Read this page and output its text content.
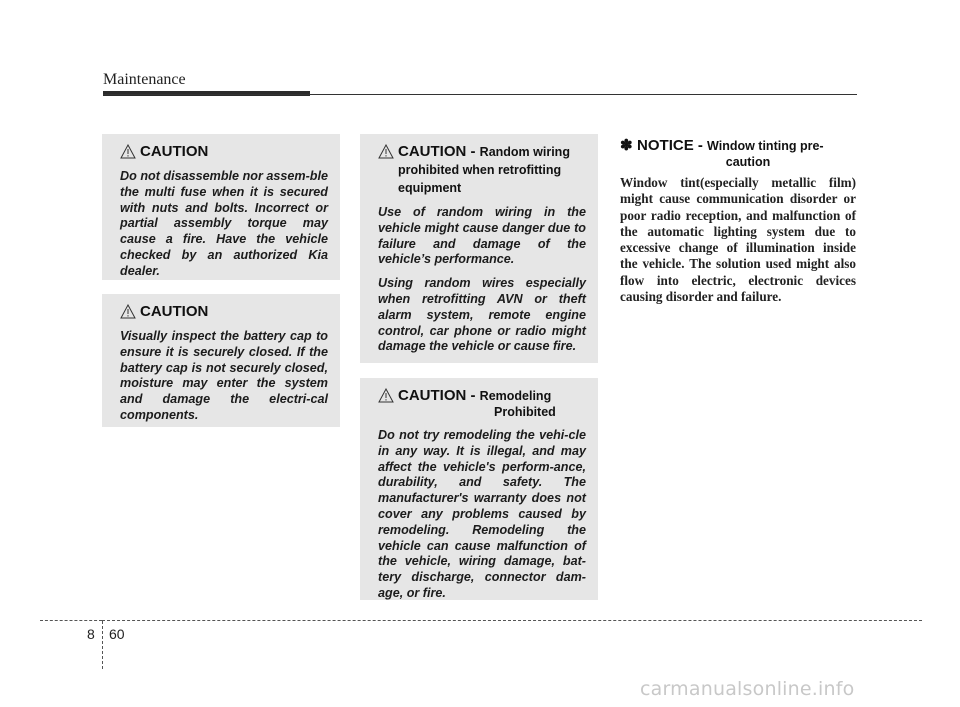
Maintenance
CAUTION

Do not disassemble nor assem-ble the multi fuse when it is secured with nuts and bolts. Incorrect or partial assembly torque may cause a fire. Have the vehicle checked by an authorized Kia dealer.

CAUTION

Visually inspect the battery cap to ensure it is securely closed. If the battery cap is not securely closed, moisture may enter the system and damage the electri-cal components.

CAUTION - Random wiring prohibited when retrofitting equipment

Use of random wiring in the vehicle might cause danger due to failure and damage of the vehicle’s performance.

Using random wires especially when retrofitting AVN or theft alarm system, remote engine control, car phone or radio might damage the vehicle or cause fire.

CAUTION - Remodeling
Prohibited

Do not try remodeling the vehi-cle in any way. It is illegal, and may affect the vehicle's perform-ance, durability, and safety. The manufacturer's warranty does not cover any problems caused by remodeling. Remodeling the vehicle can cause malfunction of the vehicle, wiring damage, bat-tery discharge, connector dam-age, or fire.

✽ NOTICE - Window tinting pre-
caution

Window tint(especially metallic film) might cause communication disorder or poor radio reception, and malfunction of the automatic lighting system due to excessive change of illumination inside the vehicle. The solution used might also flow into electric, electronic devices causing disorder and failure.

8 60
carmanualsonline.info
